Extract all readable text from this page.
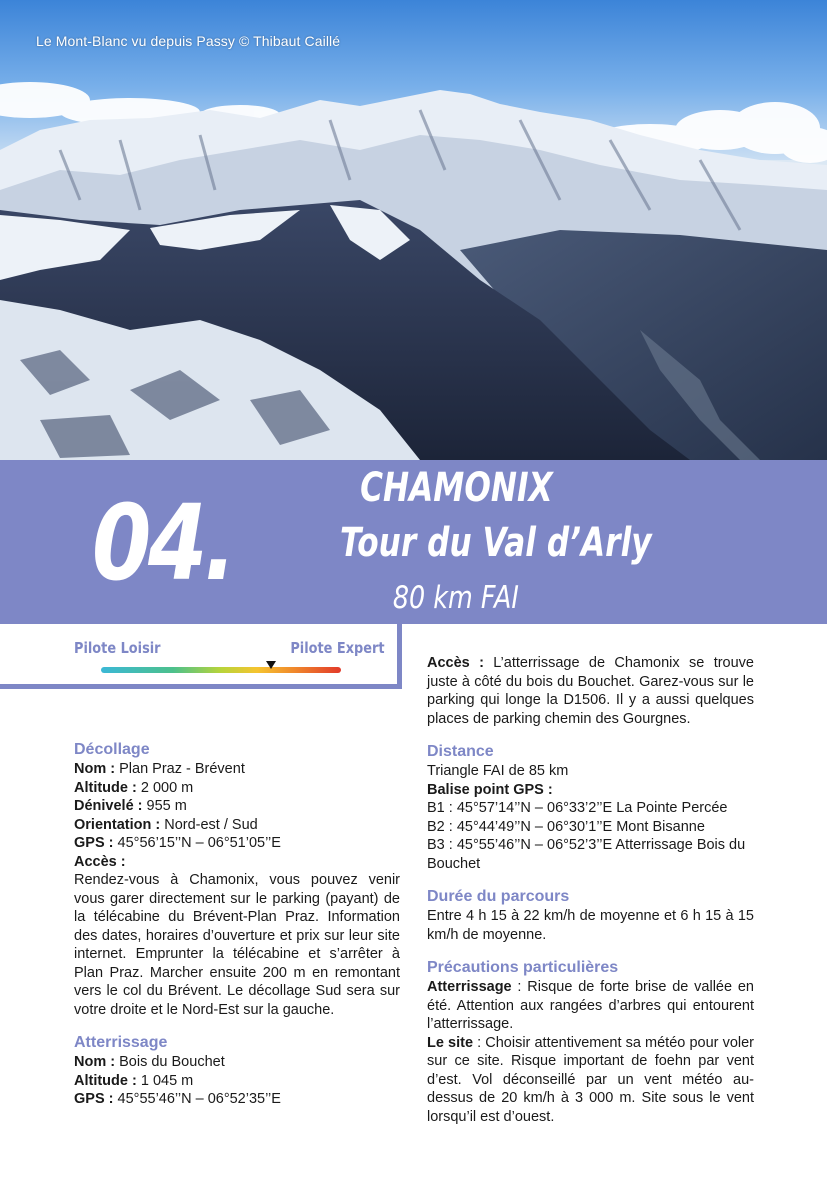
Le Mont-Blanc vu depuis Passy © Thibaut Caillé
04.	CHAMONIX
Tour du Val d’Arly
80 km FAI
Pilote Loisir	Pilote Expert

Décollage

Nom : Plan Praz - Brévent

Altitude : 2 000 m

Dénivelé : 955 m

Orientation : Nord-est / Sud

GPS : 45°56’15’’N – 06°51’05’’E

Accès :

Rendez-vous à Chamonix, vous pouvez venir vous garer directement sur le parking (payant) de la télécabine du Brévent-Plan Praz. Information des dates, horaires d’ouverture et prix sur leur site internet. Emprunter la télécabine et s’arrêter à Plan Praz. Marcher ensuite 200 m en remontant vers le col du Brévent. Le décollage Sud sera sur votre droite et le Nord-Est sur la gauche.

Atterrissage

Nom : Bois du Bouchet

Altitude : 1 045 m

GPS : 45°55’46’’N – 06°52’35’’E

Accès : L’atterrissage de Chamonix se trouve juste à côté du bois du Bouchet. Garez-vous sur le parking qui longe la D1506. Il y a aussi quelques places de parking chemin des Gourgnes.

Distance

Triangle FAI de 85 km

Balise point GPS :

B1 : 45°57’14’’N – 06°33’2’’E La Pointe Percée

B2 : 45°44’49’’N – 06°30’1’’E Mont Bisanne

B3 : 45°55’46’’N – 06°52’3’’E Atterrissage Bois du Bouchet

Durée du parcours

Entre 4 h 15 à 22 km/h de moyenne et 6 h 15 à 15 km/h de moyenne.

Précautions particulières

Atterrissage : Risque de forte brise de vallée en été. Attention aux rangées d’arbres qui entourent l’atterrissage.

Le site : Choisir attentivement sa météo pour voler sur ce site. Risque important de foehn par vent d’est. Vol déconseillé par un vent météo au-dessus de 20 km/h à 3 000 m. Site sous le vent lorsqu’il est d’ouest.
